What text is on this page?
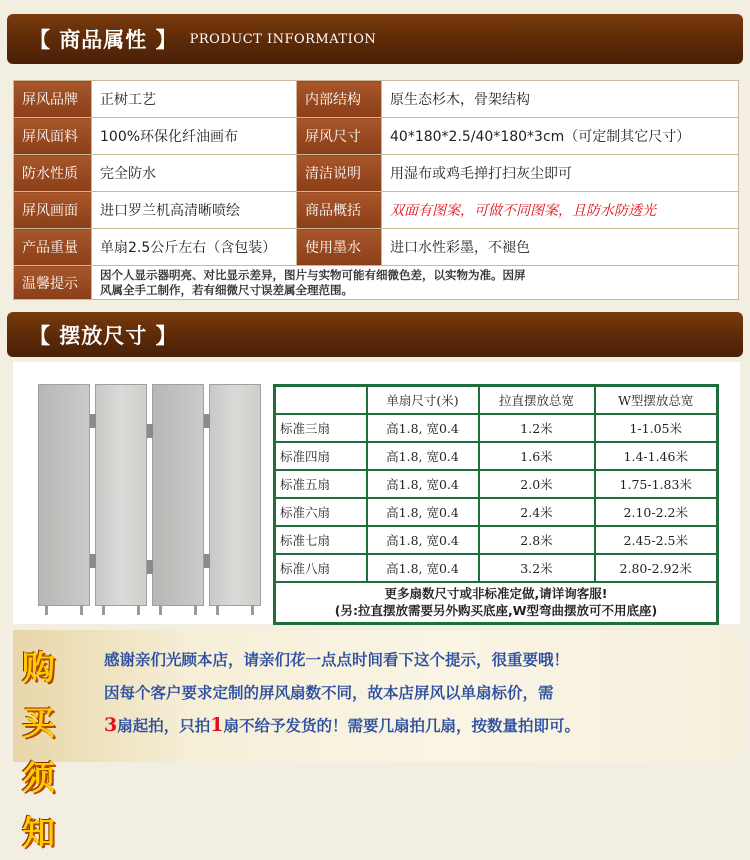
【 商品属性 】 PRODUCT INFORMATION
屏风品牌	正树工艺	内部结构	原生态杉木，骨架结构
屏风面料	100%环保化纤油画布	屏风尺寸	40*180*2.5/40*180*3cm（可定制其它尺寸）
防水性质	完全防水	清洁说明	用湿布或鸡毛掸打扫灰尘即可
屏风画面	进口罗兰机高清晰喷绘	商品概括	双面有图案，可做不同图案，且防水防透光
产品重量	单扇2.5公斤左右（含包装）	使用墨水	进口水性彩墨，不褪色
温馨提示	因个人显示器明亮、对比显示差异，图片与实物可能有细微色差，以实物为准。因屏
风属全手工制作，若有细微尺寸误差属全理范围。		
【 摆放尺寸 】
	单扇尺寸(米)	拉直摆放总宽	W型摆放总宽
标准三扇	高1.8, 宽0.4	1.2米	1-1.05米
标准四扇	高1.8, 宽0.4	1.6米	1.4-1.46米
标准五扇	高1.8, 宽0.4	2.0米	1.75-1.83米
标准六扇	高1.8, 宽0.4	2.4米	2.10-2.2米
标准七扇	高1.8, 宽0.4	2.8米	2.45-2.5米
标准八扇	高1.8, 宽0.4	3.2米	2.80-2.92米

更多扇数尺寸或非标准定做,请详询客服!
(另:拉直摆放需要另外购买底座,W型弯曲摆放可不用底座)			
购买
须知
感谢亲们光顾本店，请亲们花一点点时间看下这个提示，很重要哦！
因每个客户要求定制的屏风扇数不同，故本店屏风以单扇标价，需
3扇起拍，只拍1扇不给予发货的！需要几扇拍几扇，按数量拍即可。
